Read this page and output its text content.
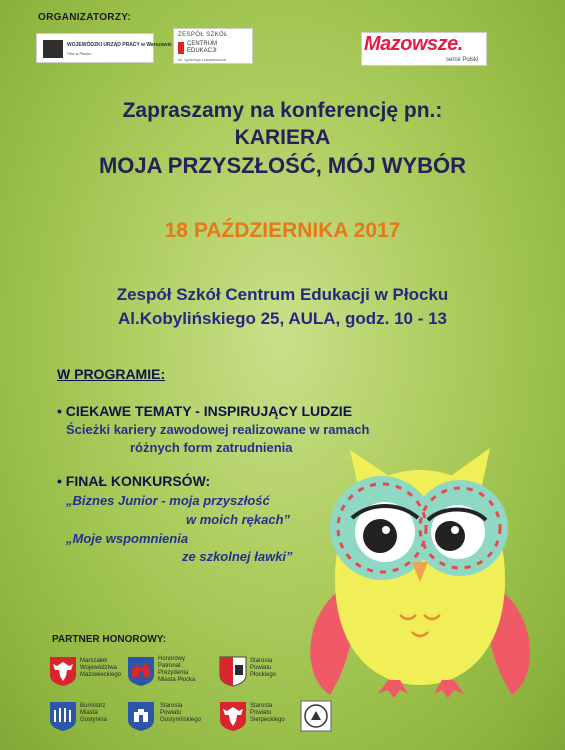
ORGANIZATORZY:
WOJEWÓDZKI URZĄD PRACY w Warszawie
Filia w Płocku
ZESPÓŁ SZKÓŁ
CENTRUM
EDUKACJI
im. Ignacego Łukasiewicza
Mazowsze.
serce Polski
Zapraszamy na konferencję pn.:
KARIERA
MOJA PRZYSZŁOŚĆ, MÓJ WYBÓR
18 PAŹDZIERNIKA 2017
Zespół Szkół Centrum Edukacji w Płocku
Al.Kobylińskiego 25, AULA, godz. 10 - 13
W PROGRAMIE:
• CIEKAWE TEMATY - INSPIRUJĄCY LUDZIE
Ścieżki kariery zawodowej realizowane w ramach
różnych form zatrudnienia
• FINAŁ KONKURSÓW:
„Biznes Junior - moja przyszłość
w moich rękach”
„Moje wspomnienia
ze szkolnej ławki”
PARTNER HONOROWY:
Marszałek
Województwa
Mazowieckiego
Honorowy
Patronat
Prezydenta
Miasta Płocka
Starosta
Powiatu
Płockiego
Burmistrz
Miasta
Gostynina
Starosta
Powiatu
Gostynińskiego
Starosta
Powiatu
Sierpeckiego
